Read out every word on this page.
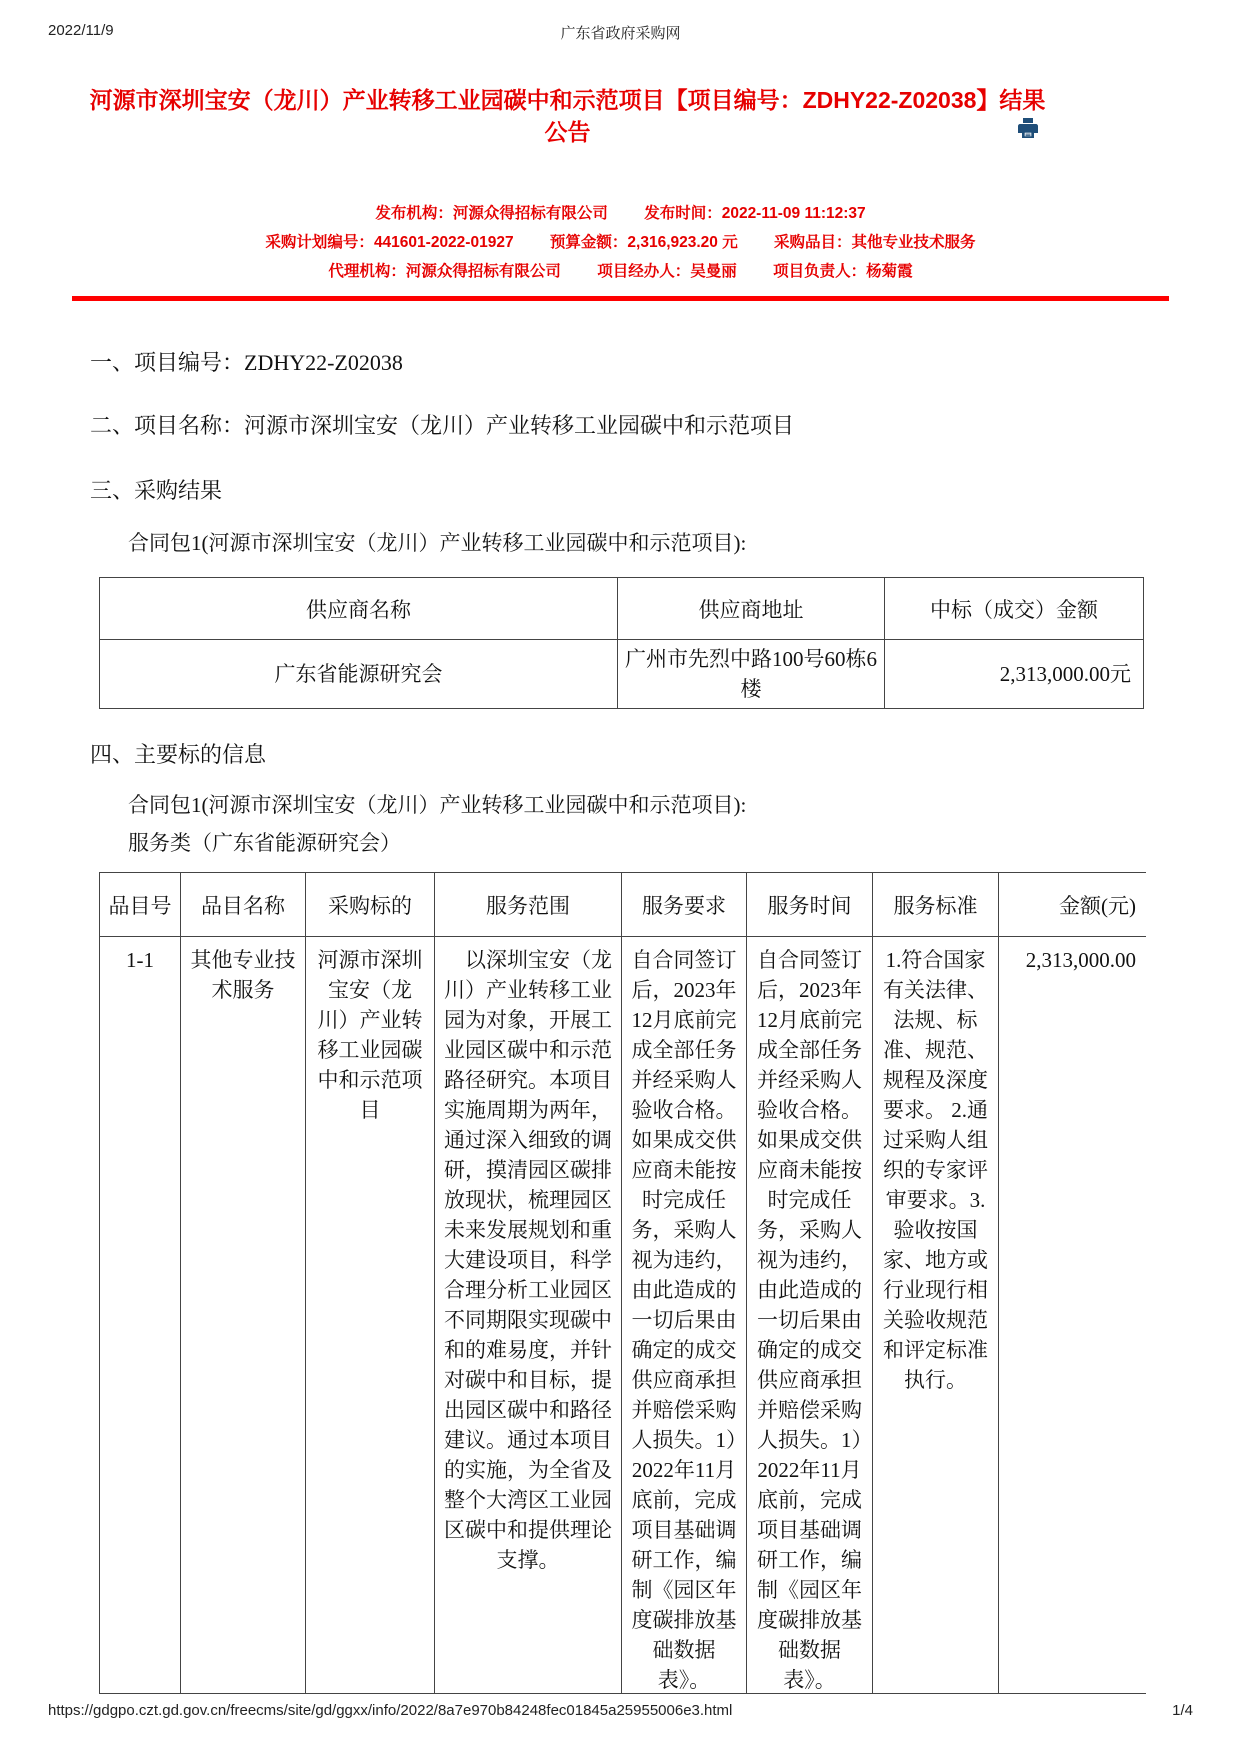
2022/11/9	广东省政府采购网
河源市深圳宝安（龙川）产业转移工业园碳中和示范项目【项目编号：ZDHY22-Z02038】结果公告
发布机构：河源众得招标有限公司 发布时间：2022-11-09 11:12:37
采购计划编号：441601-2022-01927 预算金额：2,316,923.20 元 采购品目：其他专业技术服务
代理机构：河源众得招标有限公司 项目经办人：吴曼丽 项目负责人：杨菊霞
一、项目编号：ZDHY22-Z02038
二、项目名称：河源市深圳宝安（龙川）产业转移工业园碳中和示范项目
三、采购结果
合同包1(河源市深圳宝安（龙川）产业转移工业园碳中和示范项目):
供应商名称	供应商地址	中标（成交）金额
广东省能源研究会	广州市先烈中路100号60栋6楼	2,313,000.00元
四、主要标的信息
合同包1(河源市深圳宝安（龙川）产业转移工业园碳中和示范项目):
服务类（广东省能源研究会）
品目号	品目名称	采购标的	服务范围	服务要求	服务时间	服务标准	金额(元)
1-1	其他专业技术服务	河源市深圳宝安（龙川）产业转移工业园碳中和示范项目	　以深圳宝安（龙川）产业转移工业园为对象，开展工业园区碳中和示范路径研究。本项目实施周期为两年，通过深入细致的调研，摸清园区碳排放现状，梳理园区未来发展规划和重大建设项目，科学合理分析工业园区不同期限实现碳中和的难易度，并针对碳中和目标，提出园区碳中和路径建议。通过本项目的实施，为全省及整个大湾区工业园区碳中和提供理论支撑。	自合同签订后，2023年12月底前完成全部任务并经采购人验收合格。如果成交供应商未能按时完成任务，采购人视为违约，由此造成的一切后果由确定的成交供应商承担并赔偿采购人损失。1）2022年11月底前，完成项目基础调研工作，编制《园区年度碳排放基础数据表》。	自合同签订后，2023年12月底前完成全部任务并经采购人验收合格。如果成交供应商未能按时完成任务，采购人视为违约，由此造成的一切后果由确定的成交供应商承担并赔偿采购人损失。1）2022年11月底前，完成项目基础调研工作，编制《园区年度碳排放基础数据表》。	1.符合国家有关法律、法规、标准、规范、规程及深度要求。 2.通过采购人组织的专家评审要求。3.验收按国家、地方或行业现行相关验收规范和评定标准执行。	2,313,000.00
https://gdgpo.czt.gd.gov.cn/freecms/site/gd/ggxx/info/2022/8a7e970b84248fec01845a25955006e3.html	1/4
